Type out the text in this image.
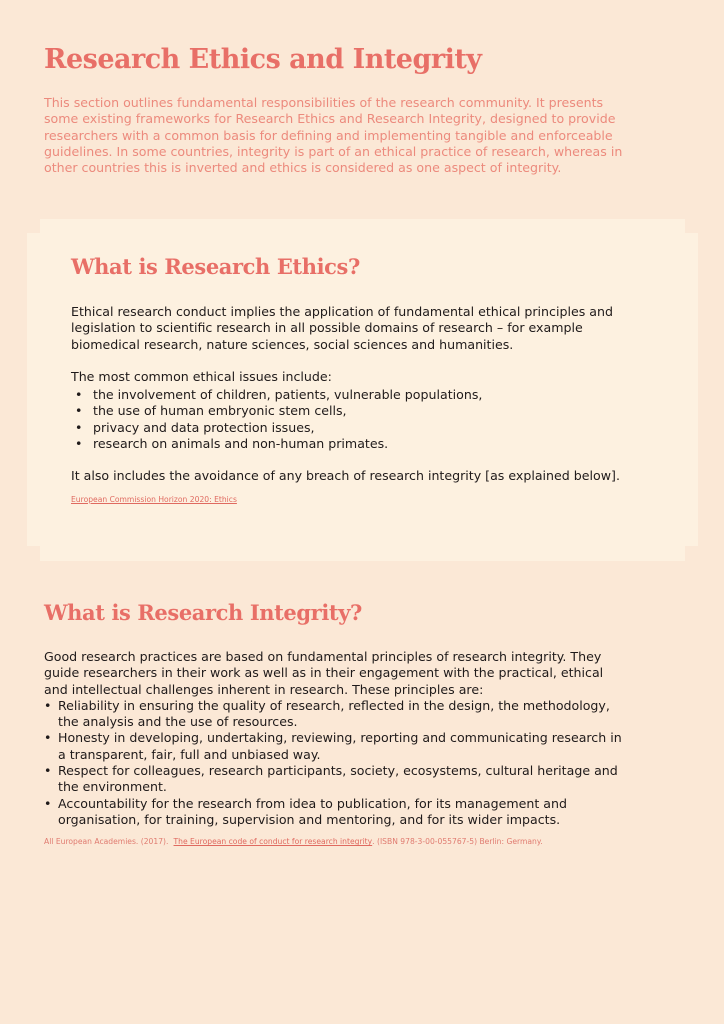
Research Ethics and Integrity

This section outlines fundamental responsibilities of the research community. It presents some existing frameworks for Research Ethics and Research Integrity, designed to provide researchers with a common basis for defining and implementing tangible and enforceable guidelines. In some countries, integrity is part of an ethical practice of research, whereas in other countries this is inverted and ethics is considered as one aspect of integrity.

What is Research Ethics?

Ethical research conduct implies the application of fundamental ethical principles and legislation to scientific research in all possible domains of research – for example biomedical research, nature sciences, social sciences and humanities.

The most common ethical issues include:

• the involvement of children, patients, vulnerable populations,
• the use of human embryonic stem cells,
• privacy and data protection issues,
• research on animals and non-human primates.

It also includes the avoidance of any breach of research integrity [as explained below].

European Commission Horizon 2020: Ethics
What is Research Integrity?

Good research practices are based on fundamental principles of research integrity. They guide researchers in their work as well as in their engagement with the practical, ethical and intellectual challenges inherent in research. These principles are:

• Reliability in ensuring the quality of research, reflected in the design, the methodology, the analysis and the use of resources.
• Honesty in developing, undertaking, reviewing, reporting and communicating research in a transparent, fair, full and unbiased way.
• Respect for colleagues, research participants, society, ecosystems, cultural heritage and the environment.
• Accountability for the research from idea to publication, for its management and organisation, for training, supervision and mentoring, and for its wider impacts.

All European Academies. (2017). The European code of conduct for research integrity. (ISBN 978-3-00-055767-5) Berlin: Germany.
